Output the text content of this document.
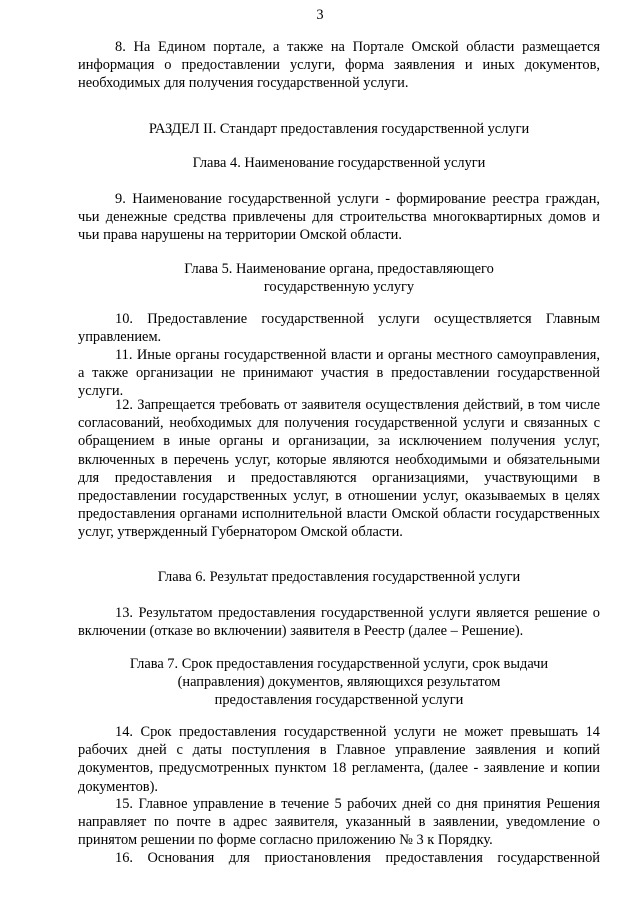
3

8. На Едином портале, а также на Портале Омской области размещается информация о предоставлении услуги, форма заявления и иных документов, необходимых для получения государственной услуги.

РАЗДЕЛ II. Стандарт предоставления государственной услуги

Глава 4. Наименование государственной услуги

9. Наименование государственной услуги - формирование реестра граждан, чьи денежные средства привлечены для строительства многоквартирных домов и чьи права нарушены на территории Омской области.

Глава 5. Наименование органа, предоставляющего
государственную услугу

10. Предоставление государственной услуги осуществляется Главным управлением.

11. Иные органы государственной власти и органы местного самоуправления, а также организации не принимают участия в предоставлении государственной услуги.

12. Запрещается требовать от заявителя осуществления действий, в том числе согласований, необходимых для получения государственной услуги и связанных с обращением в иные органы и организации, за исключением получения услуг, включенных в перечень услуг, которые являются необходимыми и обязательными для предоставления и предоставляются организациями, участвующими в предоставлении государственных услуг, в отношении услуг, оказываемых в целях предоставления органами исполнительной власти Омской области государственных услуг, утвержденный Губернатором Омской области.

Глава 6. Результат предоставления государственной услуги

13. Результатом предоставления государственной услуги является решение о включении (отказе во включении) заявителя в Реестр (далее – Решение).

Глава 7. Срок предоставления государственной услуги, срок выдачи
(направления) документов, являющихся результатом
предоставления государственной услуги

14. Срок предоставления государственной услуги не может превышать 14 рабочих дней с даты поступления в Главное управление заявления и копий документов, предусмотренных пунктом 18 регламента, (далее - заявление и копии документов).

15. Главное управление в течение 5 рабочих дней со дня принятия Решения направляет по почте в адрес заявителя, указанный в заявлении, уведомление о принятом решении по форме согласно приложению № 3 к Порядку.

16. Основания для приостановления предоставления государственной
